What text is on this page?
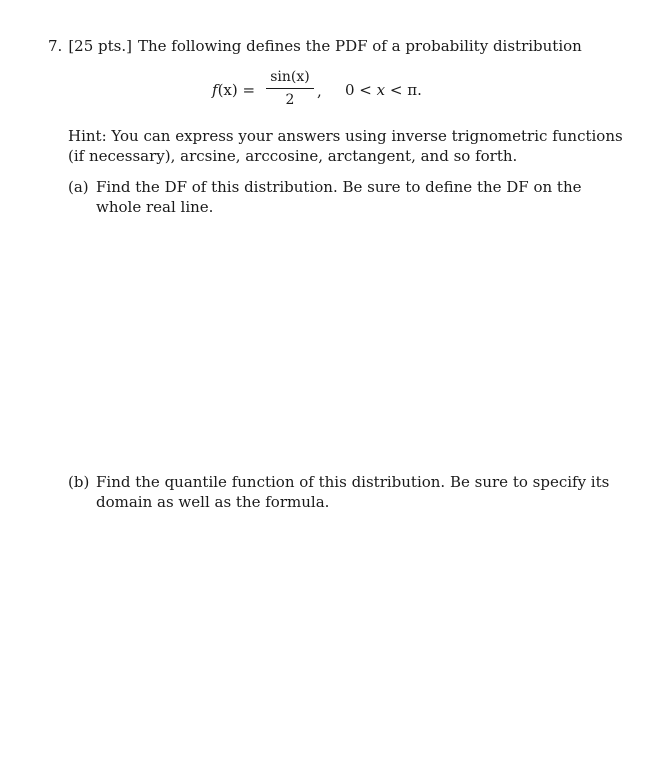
7. [25 pts.] The following defines the PDF of a probability distribution
f(x) =
sin(x)
2	, 0 < x < π.
Hint: You can express your answers using inverse trignometric functions
(if necessary), arcsine, arccosine, arctangent, and so forth.
(a) Find the DF of this distribution. Be sure to define the DF on the
whole real line.
(b) Find the quantile function of this distribution. Be sure to specify its
domain as well as the formula.
